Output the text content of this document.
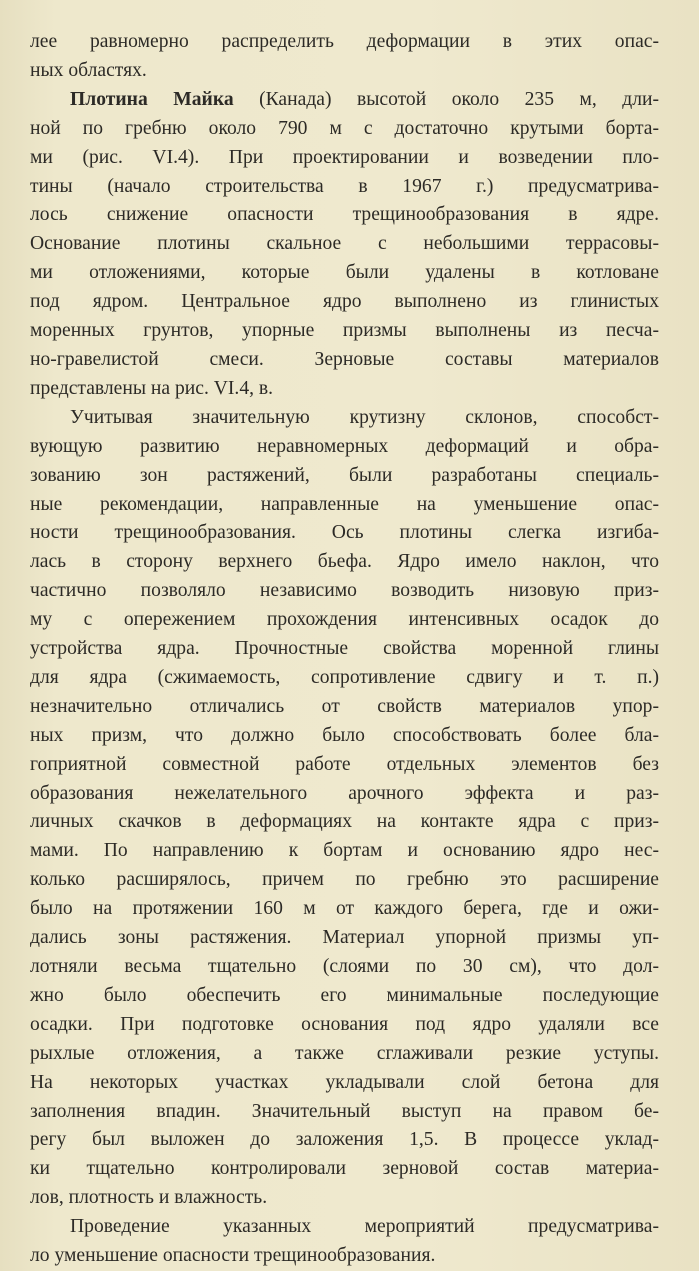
лее равномерно распределить деформации в этих опас-
ных областях.
Плотина Майка (Канада) высотой около 235 м, дли-
ной по гребню около 790 м с достаточно крутыми борта-
ми (рис. VI.4). При проектировании и возведении пло-
тины (начало строительства в 1967 г.) предусматрива-
лось снижение опасности трещинообразования в ядре.
Основание плотины скальное с небольшими террасовы-
ми отложениями, которые были удалены в котловане
под ядром. Центральное ядро выполнено из глинистых
моренных грунтов, упорные призмы выполнены из песча-
но-гравелистой смеси. Зерновые составы материалов
представлены на рис. VI.4, в.
Учитывая значительную крутизну склонов, способст-
вующую развитию неравномерных деформаций и обра-
зованию зон растяжений, были разработаны специаль-
ные рекомендации, направленные на уменьшение опас-
ности трещинообразования. Ось плотины слегка изгиба-
лась в сторону верхнего бьефа. Ядро имело наклон, что
частично позволяло независимо возводить низовую приз-
му с опережением прохождения интенсивных осадок до
устройства ядра. Прочностные свойства моренной глины
для ядра (сжимаемость, сопротивление сдвигу и т. п.)
незначительно отличались от свойств материалов упор-
ных призм, что должно было способствовать более бла-
гоприятной совместной работе отдельных элементов без
образования нежелательного арочного эффекта и раз-
личных скачков в деформациях на контакте ядра с приз-
мами. По направлению к бортам и основанию ядро нес-
колько расширялось, причем по гребню это расширение
было на протяжении 160 м от каждого берега, где и ожи-
дались зоны растяжения. Материал упорной призмы уп-
лотняли весьма тщательно (слоями по 30 см), что дол-
жно было обеспечить его минимальные последующие
осадки. При подготовке основания под ядро удаляли все
рыхлые отложения, а также сглаживали резкие уступы.
На некоторых участках укладывали слой бетона для
заполнения впадин. Значительный выступ на правом бе-
регу был выложен до заложения 1,5. В процессе уклад-
ки тщательно контролировали зерновой состав материа-
лов, плотность и влажность.
Проведение указанных мероприятий предусматрива-
ло уменьшение опасности трещинообразования.
